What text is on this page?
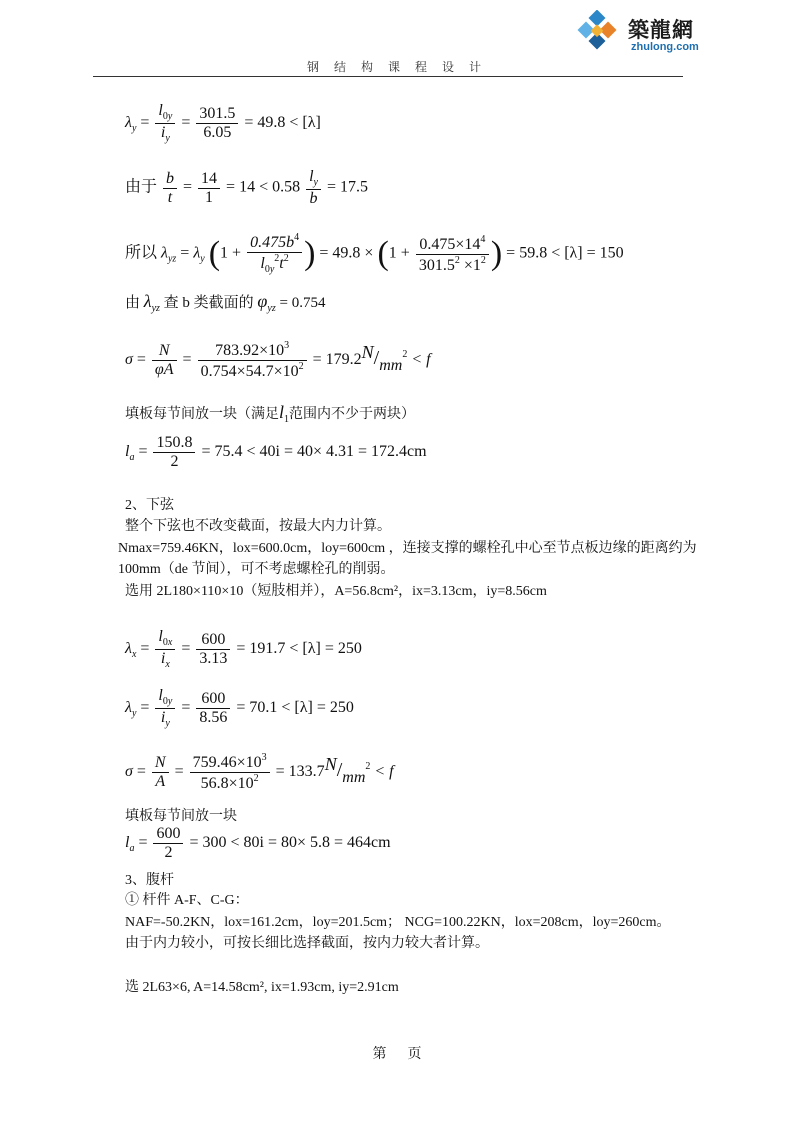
築龍網
zhulong.com
钢 结 构 课 程 设 计
$\lambda_y = \frac{l_{0y}}{i_y} = \frac{301.5}{6.05} = 49.8 < [\lambda]$
由于 $\frac{b}{t} = \frac{14}{1} = 14 < 0.58 \frac{l_y}{b} = 17.5$
所以 $\lambda_{yz} = \lambda_y$ ($1 + \frac{0.475b^4}{l_{0y}^2t^2}$ ) = $49.8 \times (1 + \frac{0.475\times 14^4}{301.5^2 \times 1^2}$ ) = 59.8 < [λ] = 150
由 $\lambda_{yz}$ 查 b 类截面的 $\varphi_{yz} = 0.754$
$\sigma = \frac{N}{\varphi A} = \frac{783.92\times 10^3}{0.754\times 54.7\times 10^2} = 179.2N/mm^2 < f$
填板每节间放一块（满足$l_1$范围内不少于两块）
$l_a = \frac{150.8}{2} = 75.4 < 40i = 40\times 4.31 = 172.4cm$
2、下弦
整个下弦也不改变截面，按最大内力计算。
Nmax=759.46KN，lox=600.0cm，loy=600cm ，连接支撑的螺栓孔中心至节点板边缘的距离约为
100mm（de 节间），可不考虑螺栓孔的削弱。
选用 2L180×110×10（短肢相并），A=56.8cm²，ix=3.13cm，iy=8.56cm
$\lambda_x = \frac{l_{0x}}{i_x} = \frac{600}{3.13} = 191.7 < [\lambda] = 250$
$\lambda_y = \frac{l_{0y}}{i_y} = \frac{600}{8.56} = 70.1 < [\lambda] = 250$
$\sigma = \frac{N}{A} = \frac{759.46\times 10^3}{56.8\times 10^2} = 133.7N/mm^2 < f$
填板每节间放一块
$l_a = \frac{600}{2} = 300 < 80i = 80\times 5.8 = 464cm$
3、腹杆
① 杆件 A-F、C-G：
NAF=-50.2KN，lox=161.2cm，loy=201.5cm； NCG=100.22KN，lox=208cm，loy=260cm。
由于内力较小，可按长细比选择截面，按内力较大者计算。
选 2L63×6, A=14.58cm², ix=1.93cm, iy=2.91cm
第      页
